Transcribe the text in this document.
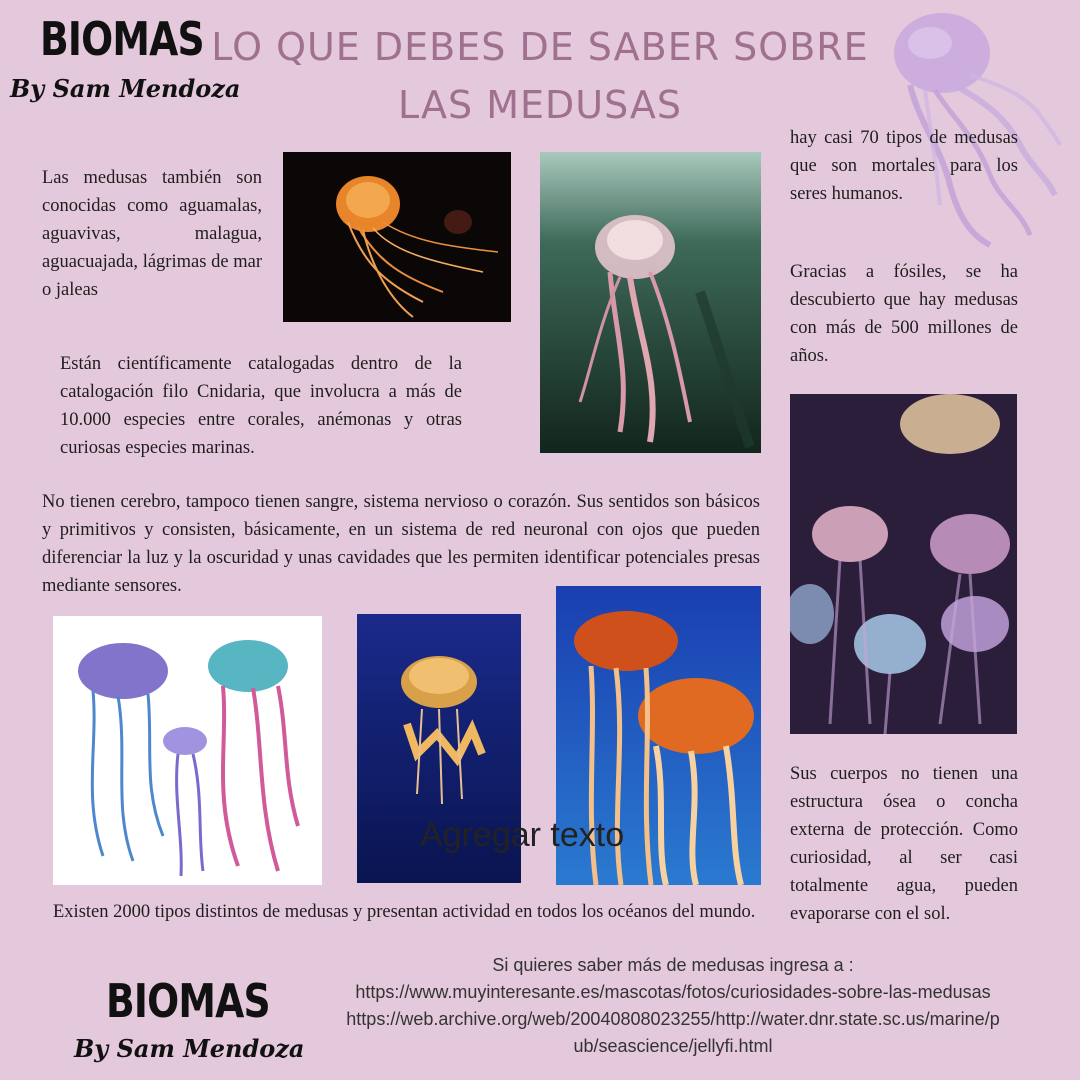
BIOMAS
By Sam Mendoza
LO QUE DEBES DE SABER SOBRE
LAS MEDUSAS
Las medusas también son conocidas como aguamalas, aguavivas, malagua, aguacuajada, lágrimas de mar o jaleas
hay casi 70 tipos de medusas que son mortales para los seres humanos.
Gracias a fósiles, se ha descubierto que hay medusas con más de 500 millones de años.
Están científicamente catalogadas dentro de la catalogación filo Cnidaria, que involucra a más de 10.000 especies entre corales, anémonas y otras curiosas especies marinas.
No tienen cerebro, tampoco tienen sangre, sistema nervioso o corazón. Sus sentidos son básicos y primitivos y consisten, básicamente, en un sistema de red neuronal con ojos que pueden diferenciar la luz y la oscuridad y unas cavidades que les permiten identificar potenciales presas mediante sensores.
Agregar texto
Sus cuerpos no tienen una estructura ósea o concha externa de protección. Como curiosidad, al ser casi totalmente agua, pueden evaporarse con el sol.
Existen 2000 tipos distintos de medusas y presentan actividad en todos los océanos del mundo.
BIOMAS
By Sam Mendoza
Si quieres saber más de medusas ingresa a :
https://www.muyinteresante.es/mascotas/fotos/curiosidades-sobre-las-medusas
https://web.archive.org/web/20040808023255/http://water.dnr.state.sc.us/marine/p
ub/seascience/jellyfi.html
